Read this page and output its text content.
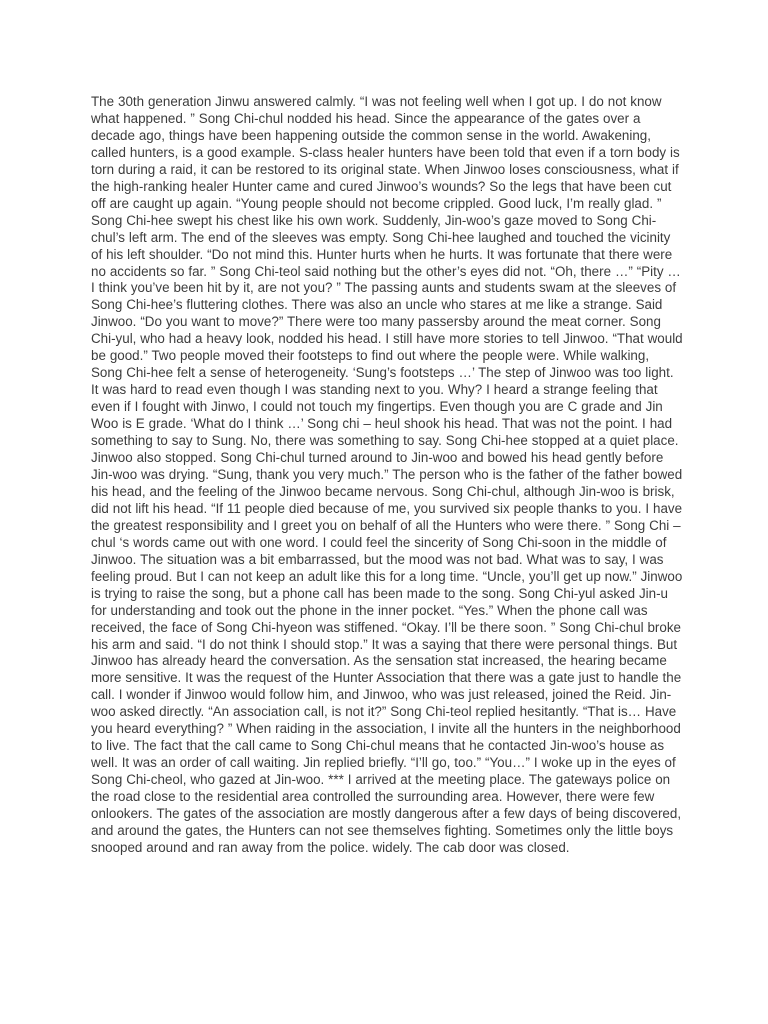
The 30th generation Jinwu answered calmly. “I was not feeling well when I got up. I do not know what happened. ” Song Chi-chul nodded his head. Since the appearance of the gates over a decade ago, things have been happening outside the common sense in the world. Awakening, called hunters, is a good example. S-class healer hunters have been told that even if a torn body is torn during a raid, it can be restored to its original state. When Jinwoo loses consciousness, what if the high-ranking healer Hunter came and cured Jinwoo’s wounds? So the legs that have been cut off are caught up again. “Young people should not become crippled. Good luck, I’m really glad. ” Song Chi-hee swept his chest like his own work. Suddenly, Jin-woo’s gaze moved to Song Chi-chul’s left arm. The end of the sleeves was empty. Song Chi-hee laughed and touched the vicinity of his left shoulder. “Do not mind this. Hunter hurts when he hurts. It was fortunate that there were no accidents so far. ” Song Chi-teol said nothing but the other’s eyes did not. “Oh, there …” “Pity … I think you’ve been hit by it, are not you? ” The passing aunts and students swam at the sleeves of Song Chi-hee’s fluttering clothes. There was also an uncle who stares at me like a strange. Said Jinwoo. “Do you want to move?” There were too many passersby around the meat corner. Song Chi-yul, who had a heavy look, nodded his head. I still have more stories to tell Jinwoo. “That would be good.” Two people moved their footsteps to find out where the people were. While walking, Song Chi-hee felt a sense of heterogeneity. ‘Sung’s footsteps …’ The step of Jinwoo was too light. It was hard to read even though I was standing next to you. Why? I heard a strange feeling that even if I fought with Jinwo, I could not touch my fingertips. Even though you are C grade and Jin Woo is E grade. ‘What do I think …’ Song chi – heul shook his head. That was not the point. I had something to say to Sung. No, there was something to say. Song Chi-hee stopped at a quiet place. Jinwoo also stopped. Song Chi-chul turned around to Jin-woo and bowed his head gently before Jin-woo was drying. “Sung, thank you very much.” The person who is the father of the father bowed his head, and the feeling of the Jinwoo became nervous. Song Chi-chul, although Jin-woo is brisk, did not lift his head. “If 11 people died because of me, you survived six people thanks to you. I have the greatest responsibility and I greet you on behalf of all the Hunters who were there. ” Song Chi – chul ‘s words came out with one word. I could feel the sincerity of Song Chi-soon in the middle of Jinwoo. The situation was a bit embarrassed, but the mood was not bad. What was to say, I was feeling proud. But I can not keep an adult like this for a long time. “Uncle, you’ll get up now.” Jinwoo is trying to raise the song, but a phone call has been made to the song. Song Chi-yul asked Jin-u for understanding and took out the phone in the inner pocket. “Yes.” When the phone call was received, the face of Song Chi-hyeon was stiffened. “Okay. I’ll be there soon. ” Song Chi-chul broke his arm and said. “I do not think I should stop.” It was a saying that there were personal things. But Jinwoo has already heard the conversation. As the sensation stat increased, the hearing became more sensitive. It was the request of the Hunter Association that there was a gate just to handle the call. I wonder if Jinwoo would follow him, and Jinwoo, who was just released, joined the Reid. Jin-woo asked directly. “An association call, is not it?” Song Chi-teol replied hesitantly. “That is… Have you heard everything? ” When raiding in the association, I invite all the hunters in the neighborhood to live. The fact that the call came to Song Chi-chul means that he contacted Jin-woo’s house as well. It was an order of call waiting. Jin replied briefly. “I’ll go, too.” “You…” I woke up in the eyes of Song Chi-cheol, who gazed at Jin-woo. *** I arrived at the meeting place. The gateways police on the road close to the residential area controlled the surrounding area. However, there were few onlookers. The gates of the association are mostly dangerous after a few days of being discovered, and around the gates, the Hunters can not see themselves fighting. Sometimes only the little boys snooped around and ran away from the police. widely. The cab door was closed.
